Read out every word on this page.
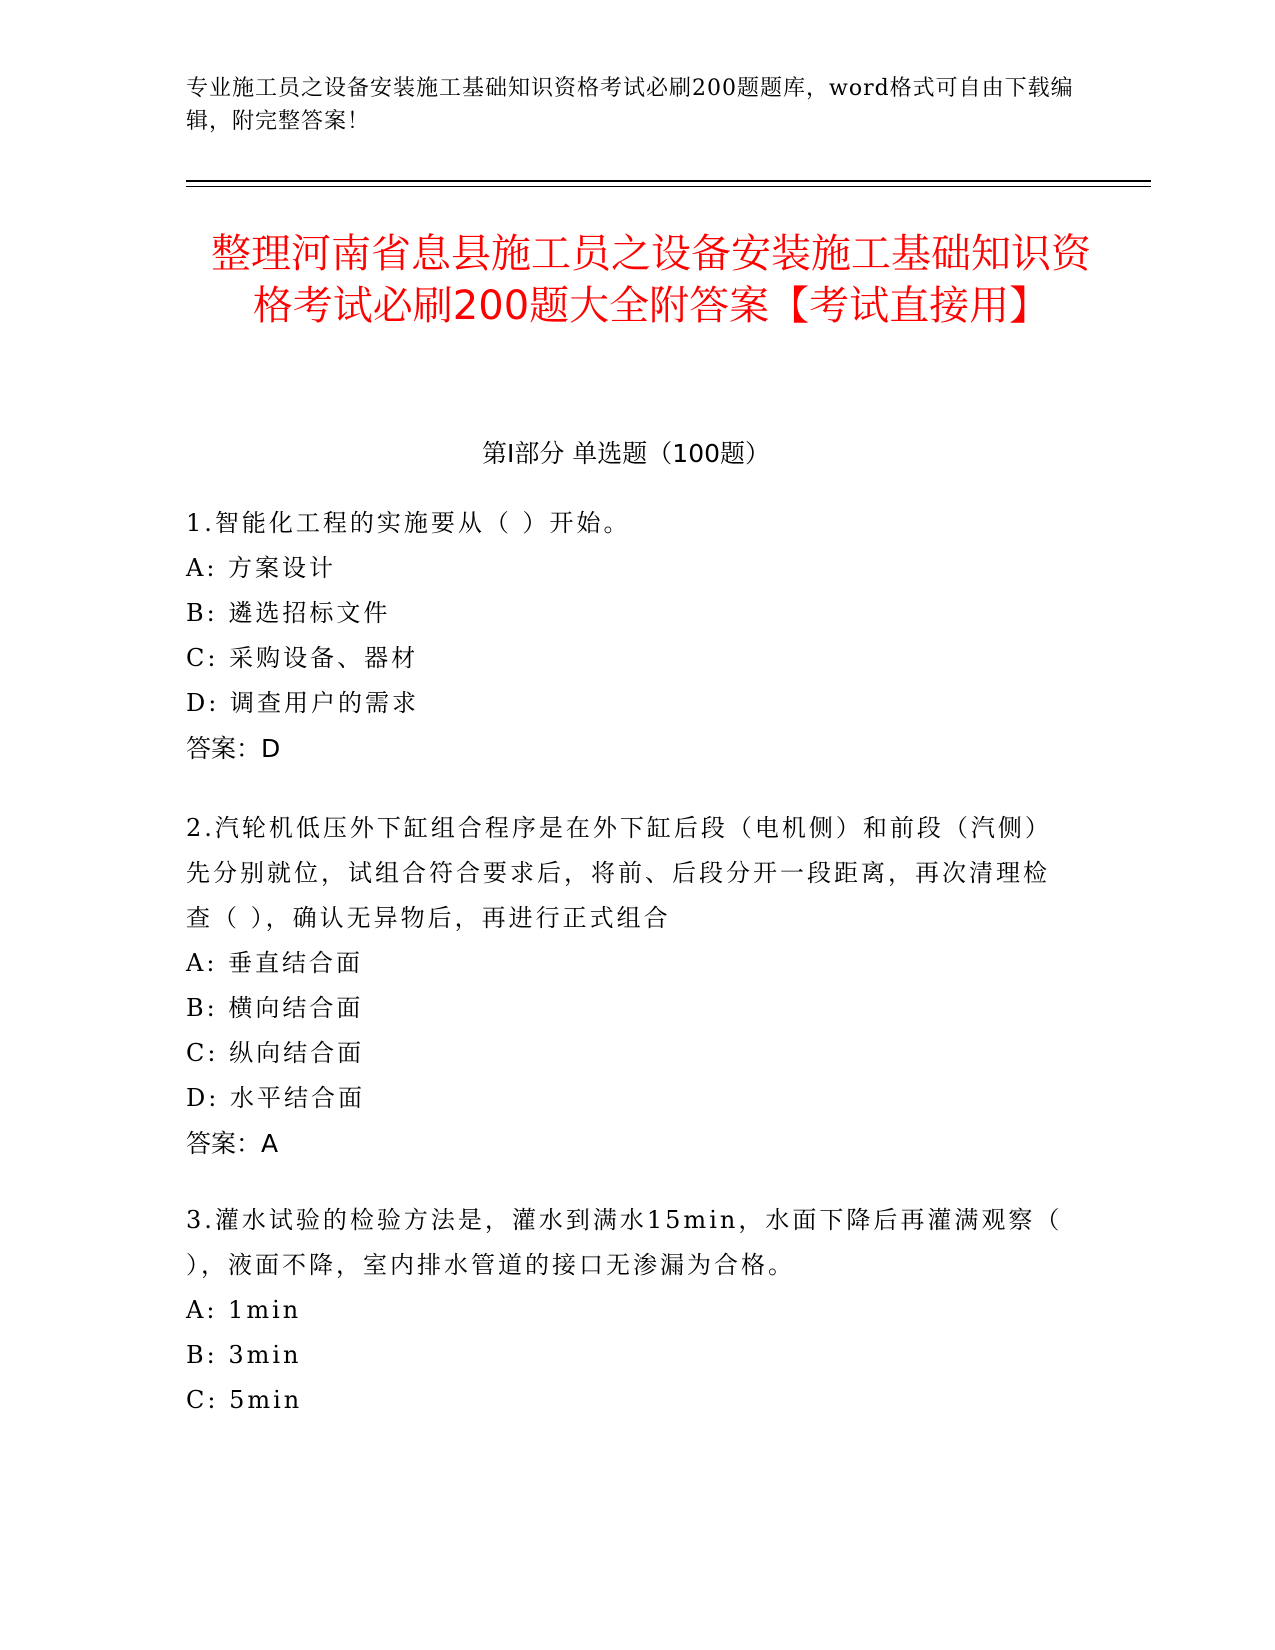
专业施工员之设备安装施工基础知识资格考试必刷200题题库，word格式可自由下载编辑，附完整答案！
整理河南省息县施工员之设备安装施工基础知识资格考试必刷200题大全附答案【考试直接用】
第I部分 单选题（100题）
1.智能化工程的实施要从（ ）开始。
A: 方案设计
B: 遴选招标文件
C: 采购设备、器材
D: 调查用户的需求
答案：D
2.汽轮机低压外下缸组合程序是在外下缸后段（电机侧）和前段（汽侧）先分别就位，试组合符合要求后，将前、后段分开一段距离，再次清理检查（ ），确认无异物后，再进行正式组合
A: 垂直结合面
B: 横向结合面
C: 纵向结合面
D: 水平结合面
答案：A
3.灌水试验的检验方法是，灌水到满水15min，水面下降后再灌满观察（ ），液面不降，室内排水管道的接口无渗漏为合格。
A: 1min
B: 3min
C: 5min
